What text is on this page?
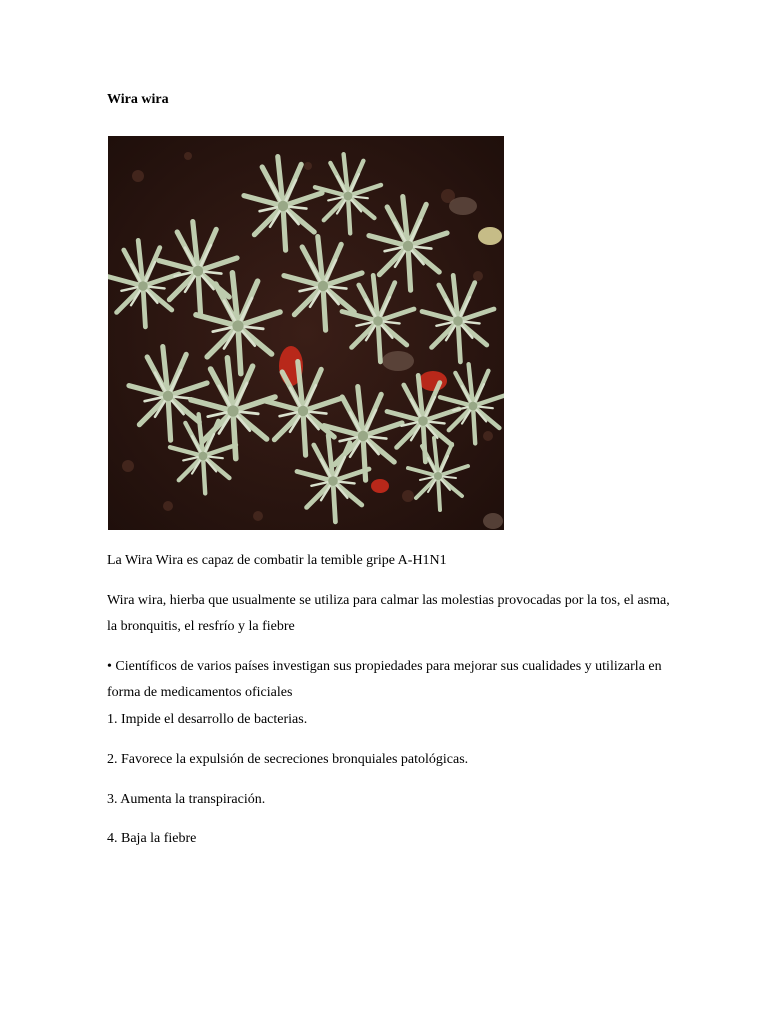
Wira wira

La Wira Wira es capaz de combatir la temible gripe A-H1N1

Wira wira, hierba que usualmente se utiliza para calmar las molestias provocadas por la tos, el asma, la bronquitis, el resfrío y la fiebre

• Científicos de varios países investigan sus propiedades para mejorar sus cualidades y utilizarla en forma de medicamentos oficiales

1. Impide el desarrollo de bacterias.

2. Favorece la expulsión de secreciones bronquiales patológicas.

3. Aumenta la transpiración.

4. Baja la fiebre
